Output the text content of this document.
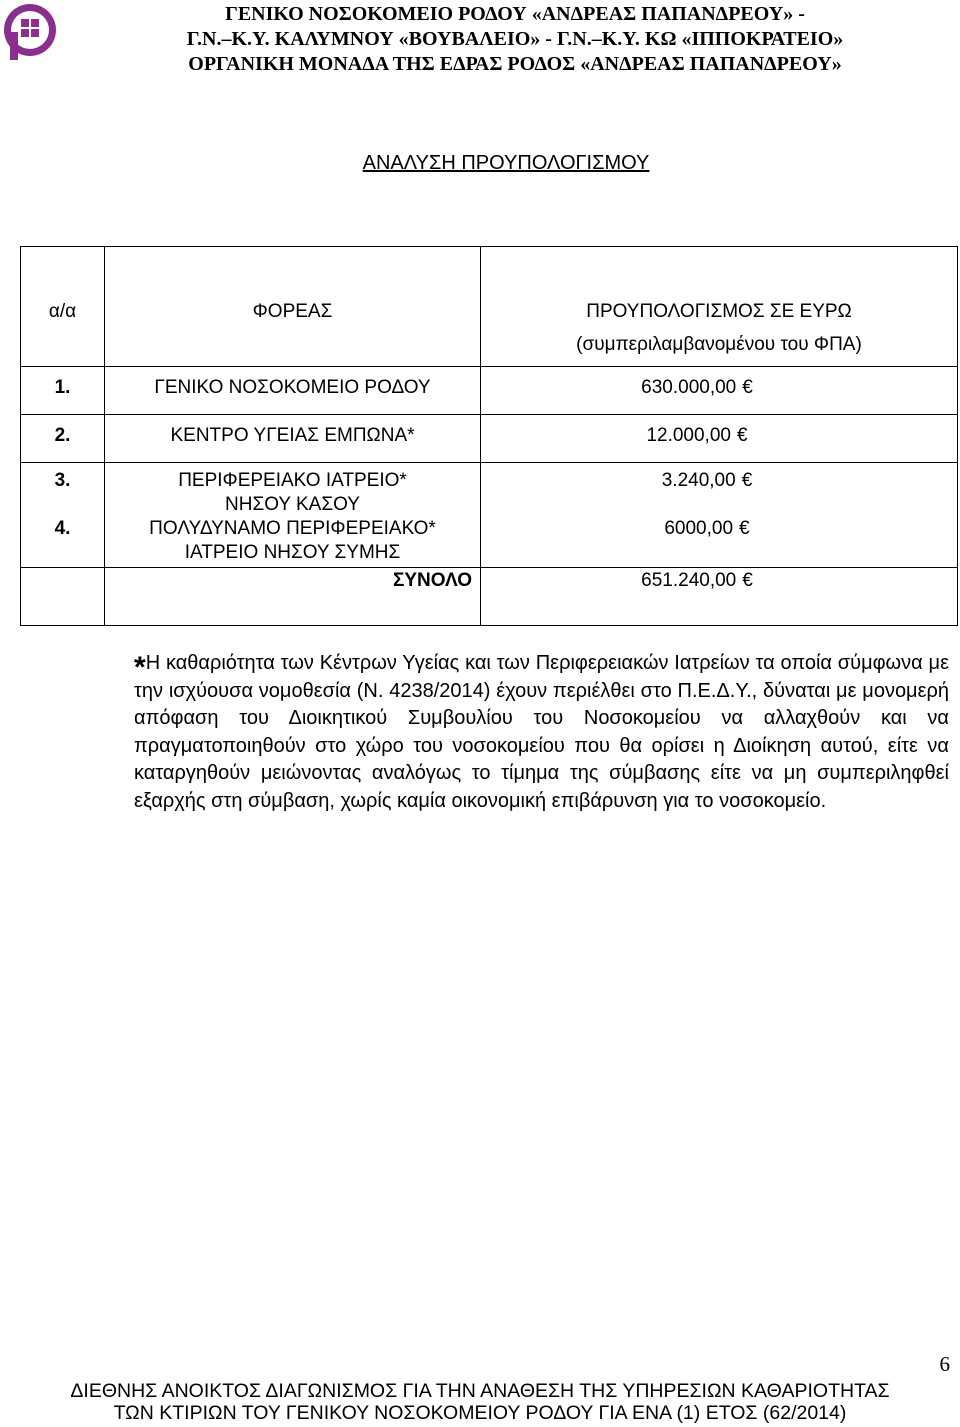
ΓΕΝΙΚΟ ΝΟΣΟΚΟΜΕΙΟ ΡΟΔΟΥ «ΑΝΔΡΕΑΣ ΠΑΠΑΝΔΡΕΟΥ» -
Γ.Ν.–Κ.Υ. ΚΑΛΥΜΝΟΥ «ΒΟΥΒΑΛΕΙΟ» - Γ.Ν.–Κ.Υ. ΚΩ «ΙΠΠΟΚΡΑΤΕΙΟ»
ΟΡΓΑΝΙΚΗ ΜΟΝΑΔΑ ΤΗΣ ΕΔΡΑΣ ΡΟΔΟΣ «ΑΝΔΡΕΑΣ ΠΑΠΑΝΔΡΕΟΥ»
ΑΝΑΛΥΣΗ ΠΡΟΥΠΟΛΟΓΙΣΜΟΥ
α/α	ΦΟΡΕΑΣ	ΠΡΟΥΠΟΛΟΓΙΣΜΟΣ ΣΕ ΕΥΡΩ
(συμπεριλαμβανομένου του ΦΠΑ)

1.	ΓΕΝΙΚΟ ΝΟΣΟΚΟΜΕΙΟ ΡΟΔΟΥ	630.000,00 €
2.	ΚΕΝΤΡΟ ΥΓΕΙΑΣ ΕΜΠΩΝΑ*	12.000,00 €
3.	ΠΕΡΙΦΕΡΕΙΑΚΟ ΙΑΤΡΕΙΟ*
ΝΗΣΟΥ ΚΑΣΟΥ	3.240,00 €
4.	ΠΟΛΥΔΥΝΑΜΟ ΠΕΡΙΦΕΡΕΙΑΚΟ*
ΙΑΤΡΕΙΟ ΝΗΣΟΥ ΣΥΜΗΣ	6000,00 €

	ΣΥΝΟΛΟ	651.240,00 €
*Η καθαριότητα των Κέντρων Υγείας και των Περιφερειακών Ιατρείων τα οποία σύμφωνα με την ισχύουσα νομοθεσία (Ν. 4238/2014) έχουν περιέλθει στο Π.Ε.Δ.Υ., δύναται με μονομερή απόφαση του Διοικητικού Συμβουλίου του Νοσοκομείου να αλλαχθούν και να πραγματοποιηθούν στο χώρο του νοσοκομείου που θα ορίσει η Διοίκηση αυτού, είτε να καταργηθούν μειώνοντας αναλόγως το τίμημα της σύμβασης είτε να μη συμπεριληφθεί εξαρχής στη σύμβαση, χωρίς καμία οικονομική επιβάρυνση για το νοσοκομείο.
6
ΔΙΕΘΝΗΣ ΑΝΟΙΚΤΟΣ ΔΙΑΓΩΝΙΣΜΟΣ ΓΙΑ ΤΗΝ ΑΝΑΘΕΣΗ ΤΗΣ ΥΠΗΡΕΣΙΩΝ ΚΑΘΑΡΙΟΤΗΤΑΣ
ΤΩΝ ΚΤΙΡΙΩΝ ΤΟΥ ΓΕΝΙΚΟΥ ΝΟΣΟΚΟΜΕΙΟΥ ΡΟΔΟΥ ΓΙΑ ΕΝΑ (1) ΕΤΟΣ (62/2014)
